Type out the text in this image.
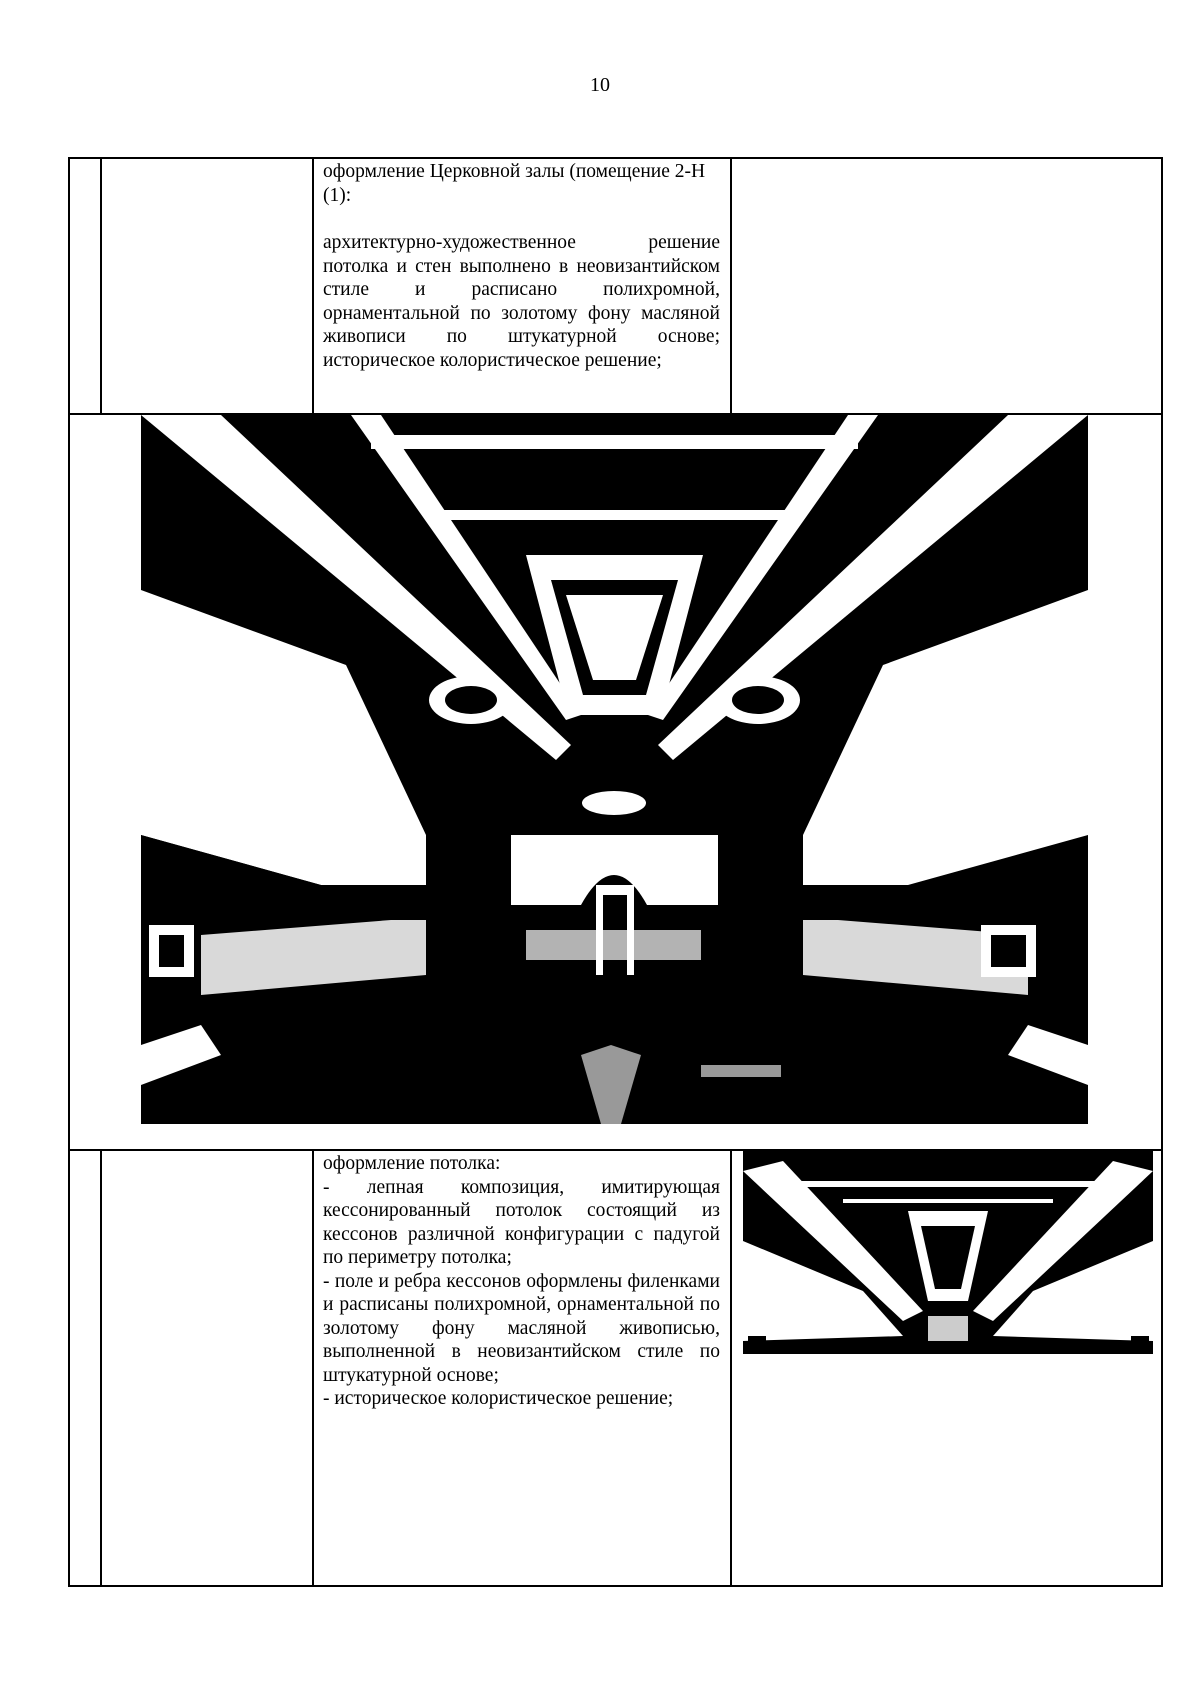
10

оформление Церковной залы (помещение 2-Н (1):

архитектурно-художественное решение потолка и стен выполнено в неовизантийском стиле и расписано полихромной, орнаментальной по золотому фону масляной живописи по штукатурной основе; историческое колористическое решение;

оформление потолка:

- лепная композиция, имитирующая кессонированный потолок состоящий из кессонов различной конфигурации с падугой по периметру потолка;

- поле и ребра кессонов оформлены филенками и расписаны полихромной, орнаментальной по золотому фону масляной живописью, выполненной в неовизантийском стиле по штукатурной основе;

- историческое колористическое решение;
